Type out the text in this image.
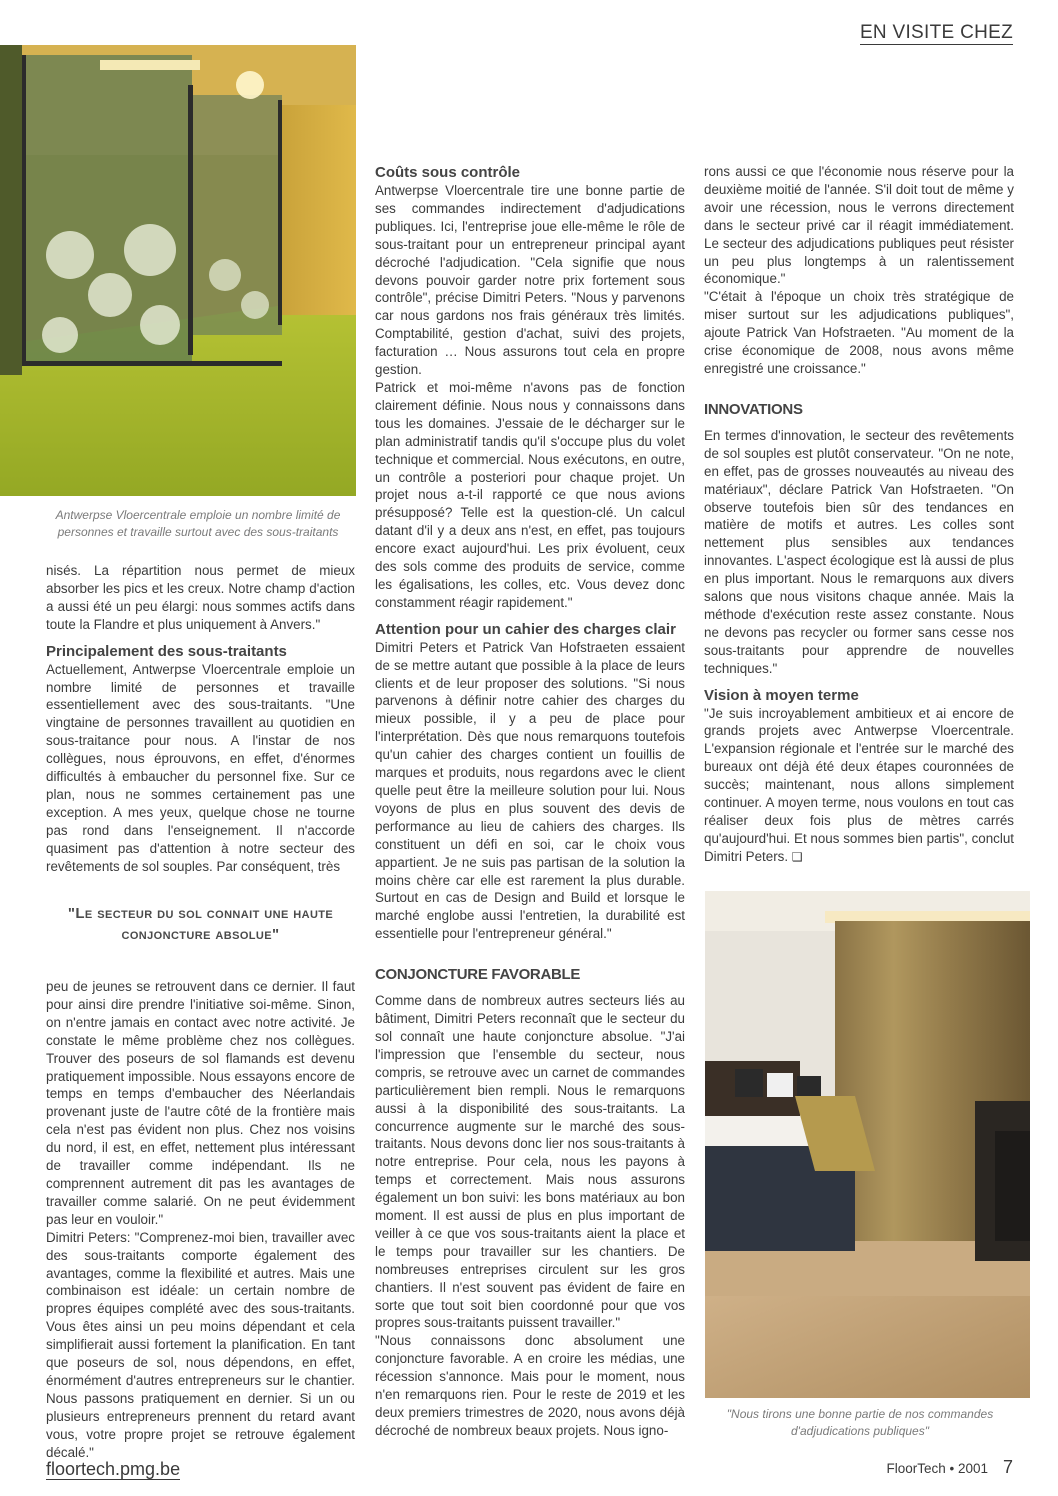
EN VISITE CHEZ
Antwerpse Vloercentrale emploie un nombre limité de personnes et travaille surtout avec des sous-traitants

nisés. La répartition nous permet de mieux absorber les pics et les creux. Notre champ d'action a aussi été un peu élargi: nous sommes actifs dans toute la Flandre et plus uniquement à Anvers."

Principalement des sous-traitants

Actuellement, Antwerpse Vloercentrale emploie un nombre limité de personnes et travaille essentiellement avec des sous-traitants. "Une vingtaine de personnes travaillent au quotidien en sous-traitance pour nous. A l'instar de nos collègues, nous éprouvons, en effet, d'énormes difficultés à embaucher du personnel fixe. Sur ce plan, nous ne sommes certainement pas une exception. A mes yeux, quelque chose ne tourne pas rond dans l'enseignement. Il n'accorde quasiment pas d'attention à notre secteur des revêtements de sol souples. Par conséquent, très

"Le secteur du sol connait une haute conjoncture absolue"

peu de jeunes se retrouvent dans ce dernier. Il faut pour ainsi dire prendre l'initiative soi-même. Sinon, on n'entre jamais en contact avec notre activité. Je constate le même problème chez nos collègues. Trouver des poseurs de sol flamands est devenu pratiquement impossible. Nous essayons encore de temps en temps d'embaucher des Néerlandais provenant juste de l'autre côté de la frontière mais cela n'est pas évident non plus. Chez nos voisins du nord, il est, en effet, nettement plus intéressant de travailler comme indépendant. Ils ne comprennent autrement dit pas les avantages de travailler comme salarié. On ne peut évidemment pas leur en vouloir."

Dimitri Peters: "Comprenez-moi bien, travailler avec des sous-traitants comporte également des avantages, comme la flexibilité et autres. Mais une combinaison est idéale: un certain nombre de propres équipes complété avec des sous-traitants. Vous êtes ainsi un peu moins dépendant et cela simplifierait aussi fortement la planification. En tant que poseurs de sol, nous dépendons, en effet, énormément d'autres entrepreneurs sur le chantier. Nous passons pratiquement en dernier. Si un ou plusieurs entrepreneurs prennent du retard avant vous, votre propre projet se retrouve également décalé."

Coûts sous contrôle

Antwerpse Vloercentrale tire une bonne partie de ses commandes indirectement d'adjudications publiques. Ici, l'entreprise joue elle-même le rôle de sous-traitant pour un entrepreneur principal ayant décroché l'adjudication. "Cela signifie que nous devons pouvoir garder notre prix fortement sous contrôle", précise Dimitri Peters. "Nous y parvenons car nous gardons nos frais généraux très limités. Comptabilité, gestion d'achat, suivi des projets, facturation … Nous assurons tout cela en propre gestion.

Patrick et moi-même n'avons pas de fonction clairement définie. Nous nous y connaissons dans tous les domaines. J'essaie de le décharger sur le plan administratif tandis qu'il s'occupe plus du volet technique et commercial. Nous exécutons, en outre, un contrôle a posteriori pour chaque projet. Un projet nous a-t-il rapporté ce que nous avions présupposé? Telle est la question-clé. Un calcul datant d'il y a deux ans n'est, en effet, pas toujours encore exact aujourd'hui. Les prix évoluent, ceux des sols comme des produits de service, comme les égalisations, les colles, etc. Vous devez donc constamment réagir rapidement."

Attention pour un cahier des charges clair

Dimitri Peters et Patrick Van Hofstraeten essaient de se mettre autant que possible à la place de leurs clients et de leur proposer des solutions. "Si nous parvenons à définir notre cahier des charges du mieux possible, il y a peu de place pour l'interprétation. Dès que nous remarquons toutefois qu'un cahier des charges contient un fouillis de marques et produits, nous regardons avec le client quelle peut être la meilleure solution pour lui. Nous voyons de plus en plus souvent des devis de performance au lieu de cahiers des charges. Ils constituent un défi en soi, car le choix vous appartient. Je ne suis pas partisan de la solution la moins chère car elle est rarement la plus durable. Surtout en cas de Design and Build et lorsque le marché englobe aussi l'entretien, la durabilité est essentielle pour l'entrepreneur général."

CONJONCTURE FAVORABLE

Comme dans de nombreux autres secteurs liés au bâtiment, Dimitri Peters reconnaît que le secteur du sol connaît une haute conjoncture absolue. "J'ai l'impression que l'ensemble du secteur, nous compris, se retrouve avec un carnet de commandes particulièrement bien rempli. Nous le remarquons aussi à la disponibilité des sous-traitants. La concurrence augmente sur le marché des sous-traitants. Nous devons donc lier nos sous-traitants à notre entreprise. Pour cela, nous les payons à temps et correctement. Mais nous assurons également un bon suivi: les bons matériaux au bon moment. Il est aussi de plus en plus important de veiller à ce que vos sous-traitants aient la place et le temps pour travailler sur les chantiers. De nombreuses entreprises circulent sur les gros chantiers. Il n'est souvent pas évident de faire en sorte que tout soit bien coordonné pour que vos propres sous-traitants puissent travailler."

"Nous connaissons donc absolument une conjoncture favorable. A en croire les médias, une récession s'annonce. Mais pour le moment, nous n'en remarquons rien. Pour le reste de 2019 et les deux premiers trimestres de 2020, nous avons déjà décroché de nombreux beaux projets. Nous igno-

rons aussi ce que l'économie nous réserve pour la deuxième moitié de l'année. S'il doit tout de même y avoir une récession, nous le verrons directement dans le secteur privé car il réagit immédiatement. Le secteur des adjudications publiques peut résister un peu plus longtemps à un ralentissement économique."

"C'était à l'époque un choix très stratégique de miser surtout sur les adjudications publiques", ajoute Patrick Van Hofstraeten. "Au moment de la crise économique de 2008, nous avons même enregistré une croissance."

INNOVATIONS

En termes d'innovation, le secteur des revêtements de sol souples est plutôt conservateur. "On ne note, en effet, pas de grosses nouveautés au niveau des matériaux", déclare Patrick Van Hofstraeten. "On observe toutefois bien sûr des tendances en matière de motifs et autres. Les colles sont nettement plus sensibles aux tendances innovantes. L'aspect écologique est là aussi de plus en plus important. Nous le remarquons aux divers salons que nous visitons chaque année. Mais la méthode d'exécution reste assez constante. Nous ne devons pas recycler ou former sans cesse nos sous-traitants pour apprendre de nouvelles techniques."

Vision à moyen terme

"Je suis incroyablement ambitieux et ai encore de grands projets avec Antwerpse Vloercentrale. L'expansion régionale et l'entrée sur le marché des bureaux ont déjà été deux étapes couronnées de succès; maintenant, nous allons simplement continuer. A moyen terme, nous voulons en tout cas réaliser deux fois plus de mètres carrés qu'aujourd'hui. Et nous sommes bien partis", conclut Dimitri Peters. ❑

"Nous tirons une bonne partie de nos commandes d'adjudications publiques"
floortech.pmg.be	FloorTech • 2001 7
